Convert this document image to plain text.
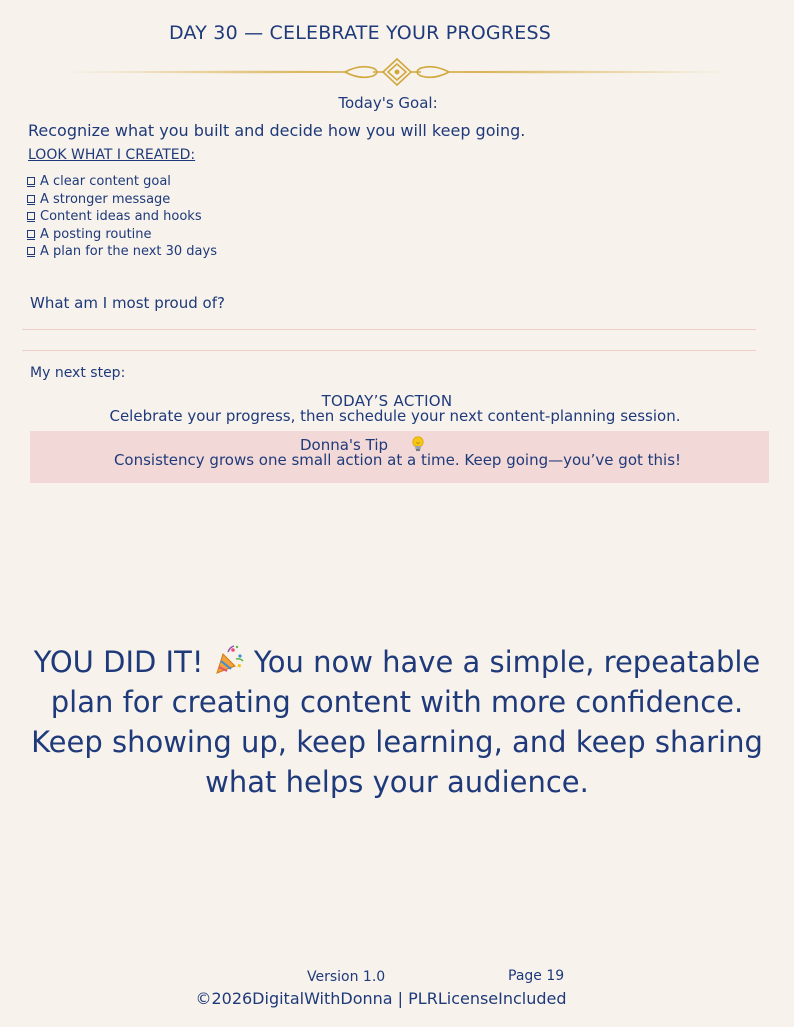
DAY 30 — CELEBRATE YOUR PROGRESS
Today's Goal:
Recognize what you built and decide how you will keep going.
LOOK WHAT I CREATED:
A clear content goal
A stronger message
Content ideas and hooks
A posting routine
A plan for the next 30 days
What am I most proud of?
My next step:
TODAY’S ACTION
Celebrate your progress, then schedule your next content-planning session.
Donna's Tip
Consistency grows one small action at a time. Keep going—you’ve got this!
YOU DID IT!  You now have a simple, repeatable plan for creating content with more confidence. Keep showing up, keep learning, and keep sharing what helps your audience.
Version 1.0	Page 19
©2026DigitalWithDonna | PLRLicenseIncluded
